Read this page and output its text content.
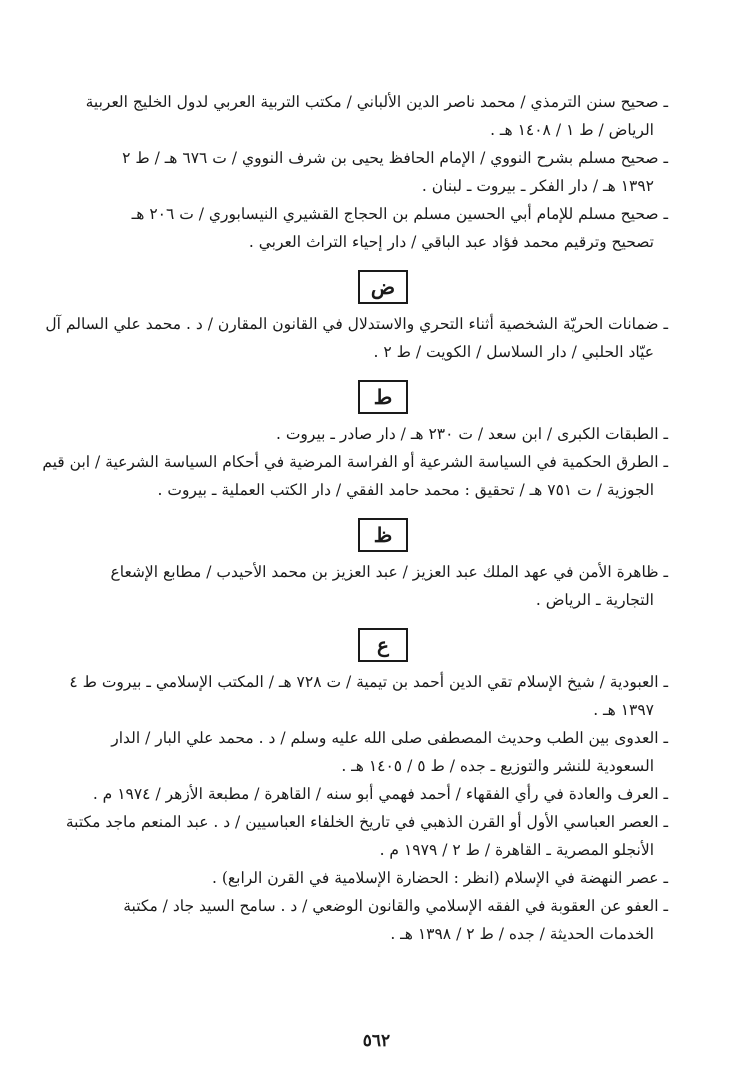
ـ صحيح سنن الترمذي / محمد ناصر الدين الألباني / مكتب التربية العربي لدول الخليج العربية
الرياض / ط ١ / ١٤٠٨ هـ .

ـ صحيح مسلم بشرح النووي / الإمام الحافظ يحيى بن شرف النووي / ت ٦٧٦ هـ / ط ٢
١٣٩٢ هـ / دار الفكر ـ بيروت ـ لبنان .

ـ صحيح مسلم للإمام أبي الحسين مسلم بن الحجاج القشيري النيسابوري / ت ٢٠٦ هـ
تصحيح وترقيم محمد فؤاد عبد الباقي / دار إحياء التراث العربي .

ض

ـ ضمانات الحريّة الشخصية أثناء التحري والاستدلال في القانون المقارن / د . محمد علي السالم آل
عيّاد الحلبي / دار السلاسل / الكويت / ط ٢ .

ط

ـ الطبقات الكبرى / ابن سعد / ت ٢٣٠ هـ / دار صادر ـ بيروت .

ـ الطرق الحكمية في السياسة الشرعية أو الفراسة المرضية في أحكام السياسة الشرعية / ابن قيم
الجوزية / ت ٧٥١ هـ / تحقيق : محمد حامد الفقي / دار الكتب العملية ـ بيروت .

ظ

ـ ظاهرة الأمن في عهد الملك عبد العزيز / عبد العزيز بن محمد الأحيدب / مطابع الإشعاع
التجارية ـ الرياض .

ع

ـ العبودية / شيخ الإسلام تقي الدين أحمد بن تيمية / ت ٧٢٨ هـ / المكتب الإسلامي ـ بيروت ط ٤
١٣٩٧ هـ .

ـ العدوى بين الطب وحديث المصطفى صلى الله عليه وسلم / د . محمد علي البار / الدار
السعودية للنشر والتوزيع ـ جده / ط ٥ / ١٤٠٥ هـ .

ـ العرف والعادة في رأي الفقهاء / أحمد فهمي أبو سنه / القاهرة / مطبعة الأزهر / ١٩٧٤ م .

ـ العصر العباسي الأول أو القرن الذهبي في تاريخ الخلفاء العباسيين / د . عبد المنعم ماجد مكتبة
الأنجلو المصرية ـ القاهرة / ط ٢ / ١٩٧٩ م .

ـ عصر النهضة في الإسلام (انظر : الحضارة الإسلامية في القرن الرابع) .

ـ العفو عن العقوبة في الفقه الإسلامي والقانون الوضعي / د . سامح السيد جاد / مكتبة
الخدمات الحديثة / جده / ط ٢ / ١٣٩٨ هـ .

٥٦٢
